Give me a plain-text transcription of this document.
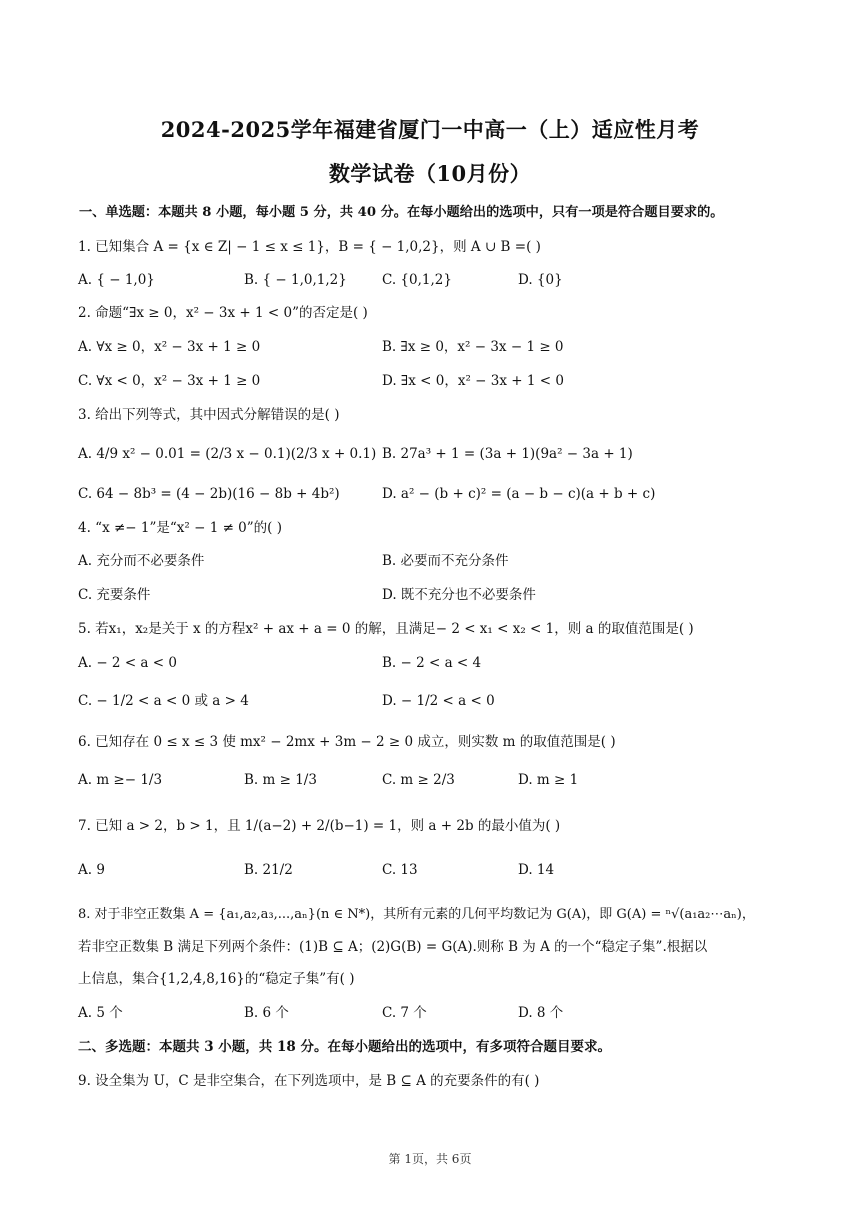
2024-2025学年福建省厦门一中高一（上）适应性月考
数学试卷（10月份）
一、单选题：本题共 8 小题，每小题 5 分，共 40 分。在每小题给出的选项中，只有一项是符合题目要求的。
1. 已知集合 A = {x ∈ Z| − 1 ≤ x ≤ 1}，B = { − 1,0,2}，则 A ∪ B =( )
A. { − 1,0}	B. { − 1,0,1,2}	C. {0,1,2}	D. {0}
2. 命题“∃x ≥ 0，x² − 3x + 1 < 0”的否定是( )
A. ∀x ≥ 0，x² − 3x + 1 ≥ 0	B. ∃x ≥ 0，x² − 3x − 1 ≥ 0
C. ∀x < 0，x² − 3x + 1 ≥ 0	D. ∃x < 0，x² − 3x + 1 < 0
3. 给出下列等式，其中因式分解错误的是( )
A. 4/9 x² − 0.01 = (2/3 x − 0.1)(2/3 x + 0.1) B. 27a³ + 1 = (3a + 1)(9a² − 3a + 1)
C. 64 − 8b³ = (4 − 2b)(16 − 8b + 4b²)	D. a² − (b + c)² = (a − b − c)(a + b + c)
4. “x ≠− 1”是“x² − 1 ≠ 0”的( )
A. 充分而不必要条件	B. 必要而不充分条件
C. 充要条件	D. 既不充分也不必要条件
5. 若x₁，x₂是关于 x 的方程x² + ax + a = 0 的解，且满足− 2 < x₁ < x₂ < 1，则 a 的取值范围是( )
A. − 2 < a < 0	B. − 2 < a < 4
C. − 1/2 < a < 0 或 a > 4	D. − 1/2 < a < 0
6. 已知存在 0 ≤ x ≤ 3 使 mx² − 2mx + 3m − 2 ≥ 0 成立，则实数 m 的取值范围是( )
A. m ≥− 1/3	B. m ≥ 1/3	C. m ≥ 2/3	D. m ≥ 1
7. 已知 a > 2，b > 1，且 1/(a−2) + 2/(b−1) = 1，则 a + 2b 的最小值为( )
A. 9	B. 21/2	C. 13	D. 14
8. 对于非空正数集 A = {a₁,a₂,a₃,...,aₙ}(n ∈ N*)，其所有元素的几何平均数记为 G(A)，即 G(A) = ⁿ√(a₁a₂⋯aₙ)，
若非空正数集 B 满足下列两个条件：(1)B ⊆ A；(2)G(B) = G(A).则称 B 为 A 的一个“稳定子集”.根据以
上信息，集合{1,2,4,8,16}的“稳定子集”有( )
A. 5 个	B. 6 个	C. 7 个	D. 8 个
二、多选题：本题共 3 小题，共 18 分。在每小题给出的选项中，有多项符合题目要求。
9. 设全集为 U，C 是非空集合，在下列选项中，是 B ⊆ A 的充要条件的有( )
第 1页，共 6页
